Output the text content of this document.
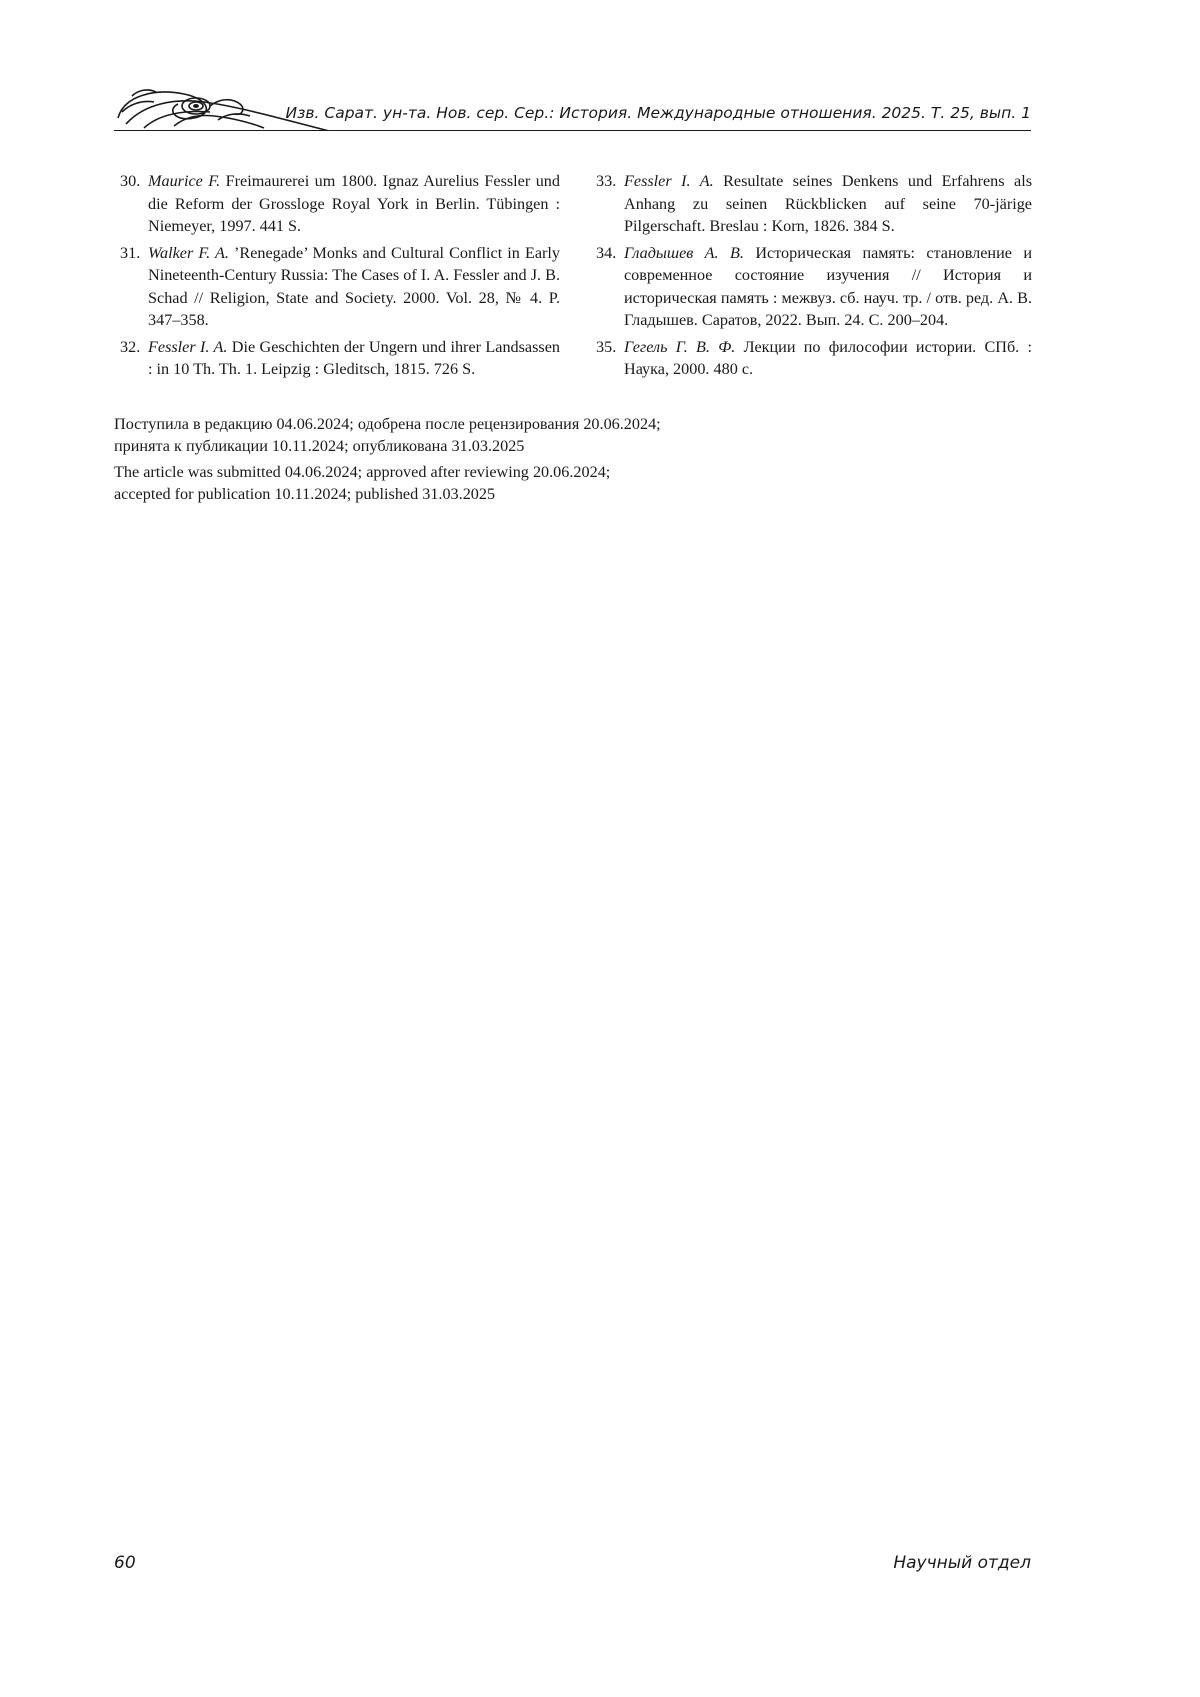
Изв. Сарат. ун-та. Нов. сер. Сер.: История. Международные отношения. 2025. Т. 25, вып. 1
30. Maurice F. Freimaurerei um 1800. Ignaz Aurelius Fessler und die Reform der Grossloge Royal York in Berlin. Tübingen : Niemeyer, 1997. 441 S.
31. Walker F. A. ’Renegade’ Monks and Cultural Conflict in Early Nineteenth-Century Russia: The Cases of I. A. Fessler and J. B. Schad // Religion, State and Society. 2000. Vol. 28, № 4. P. 347–358.
32. Fessler I. A. Die Geschichten der Ungern und ihrer Landsassen : in 10 Th. Th. 1. Leipzig : Gleditsch, 1815. 726 S.
33. Fessler I. A. Resultate seines Denkens und Erfahrens als Anhang zu seinen Rückblicken auf seine 70-järige Pilgerschaft. Breslau : Korn, 1826. 384 S.
34. Гладышев А. В. Историческая память: становление и современное состояние изучения // История и историческая память : межвуз. сб. науч. тр. / отв. ред. А. В. Гладышев. Саратов, 2022. Вып. 24. С. 200–204.
35. Гегель Г. В. Ф. Лекции по философии истории. СПб. : Наука, 2000. 480 с.
Поступила в редакцию 04.06.2024; одобрена после рецензирования 20.06.2024;
принята к публикации 10.11.2024; опубликована 31.03.2025
The article was submitted 04.06.2024; approved after reviewing 20.06.2024;
accepted for publication 10.11.2024; published 31.03.2025
60	Научный отдел
